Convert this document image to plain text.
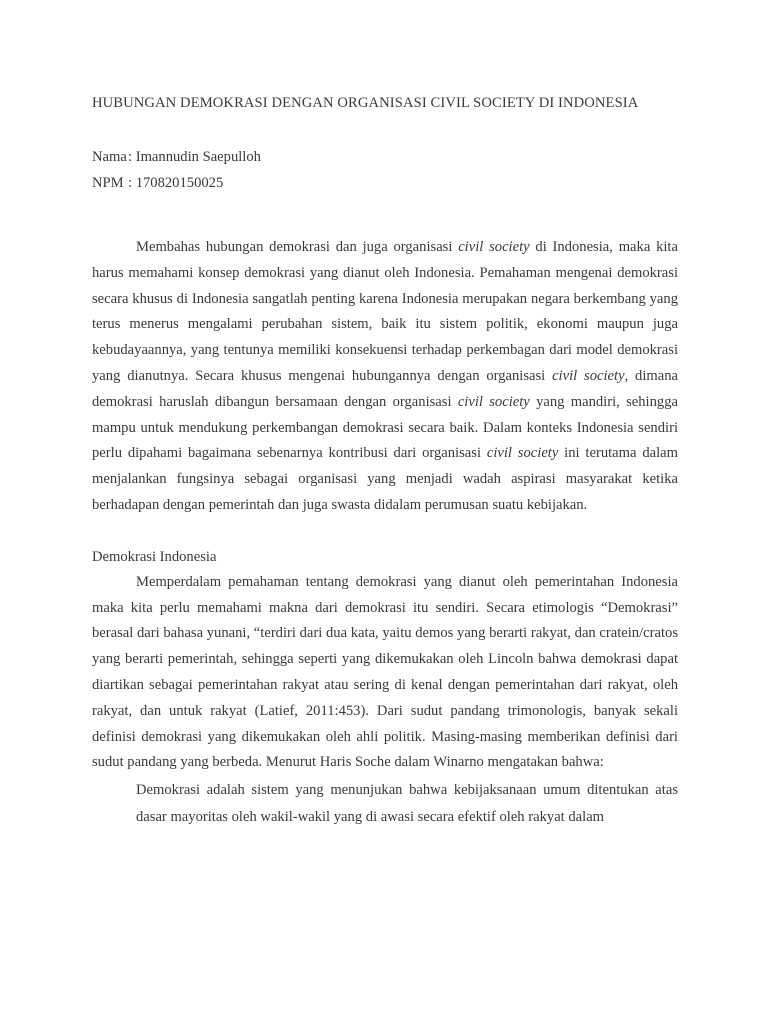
HUBUNGAN DEMOKRASI DENGAN ORGANISASI CIVIL SOCIETY DI INDONESIA
Nama: Imannudin Saepulloh
NPM : 170820150025

Membahas hubungan demokrasi dan juga organisasi civil society di Indonesia, maka kita harus memahami konsep demokrasi yang dianut oleh Indonesia. Pemahaman mengenai demokrasi secara khusus di Indonesia sangatlah penting karena Indonesia merupakan negara berkembang yang terus menerus mengalami perubahan sistem, baik itu sistem politik, ekonomi maupun juga kebudayaannya, yang tentunya memiliki konsekuensi terhadap perkembagan dari model demokrasi yang dianutnya. Secara khusus mengenai hubungannya dengan organisasi civil society, dimana demokrasi haruslah dibangun bersamaan dengan organisasi civil society yang mandiri, sehingga mampu untuk mendukung perkembangan demokrasi secara baik. Dalam konteks Indonesia sendiri perlu dipahami bagaimana sebenarnya kontribusi dari organisasi civil society ini terutama dalam menjalankan fungsinya sebagai organisasi yang menjadi wadah aspirasi masyarakat ketika berhadapan dengan pemerintah dan juga swasta didalam perumusan suatu kebijakan.

Demokrasi Indonesia

Memperdalam pemahaman tentang demokrasi yang dianut oleh pemerintahan Indonesia maka kita perlu memahami makna dari demokrasi itu sendiri. Secara etimologis “Demokrasi” berasal dari bahasa yunani, “terdiri dari dua kata, yaitu demos yang berarti rakyat, dan cratein/cratos yang berarti pemerintah, sehingga seperti yang dikemukakan oleh Lincoln bahwa demokrasi dapat diartikan sebagai pemerintahan rakyat atau sering di kenal dengan pemerintahan dari rakyat, oleh rakyat, dan untuk rakyat (Latief, 2011:453). Dari sudut pandang trimonologis, banyak sekali definisi demokrasi yang dikemukakan oleh ahli politik. Masing-masing memberikan definisi dari sudut pandang yang berbeda. Menurut Haris Soche dalam Winarno mengatakan bahwa:

Demokrasi adalah sistem yang menunjukan bahwa kebijaksanaan umum ditentukan atas dasar mayoritas oleh wakil-wakil yang di awasi secara efektif oleh rakyat dalam
